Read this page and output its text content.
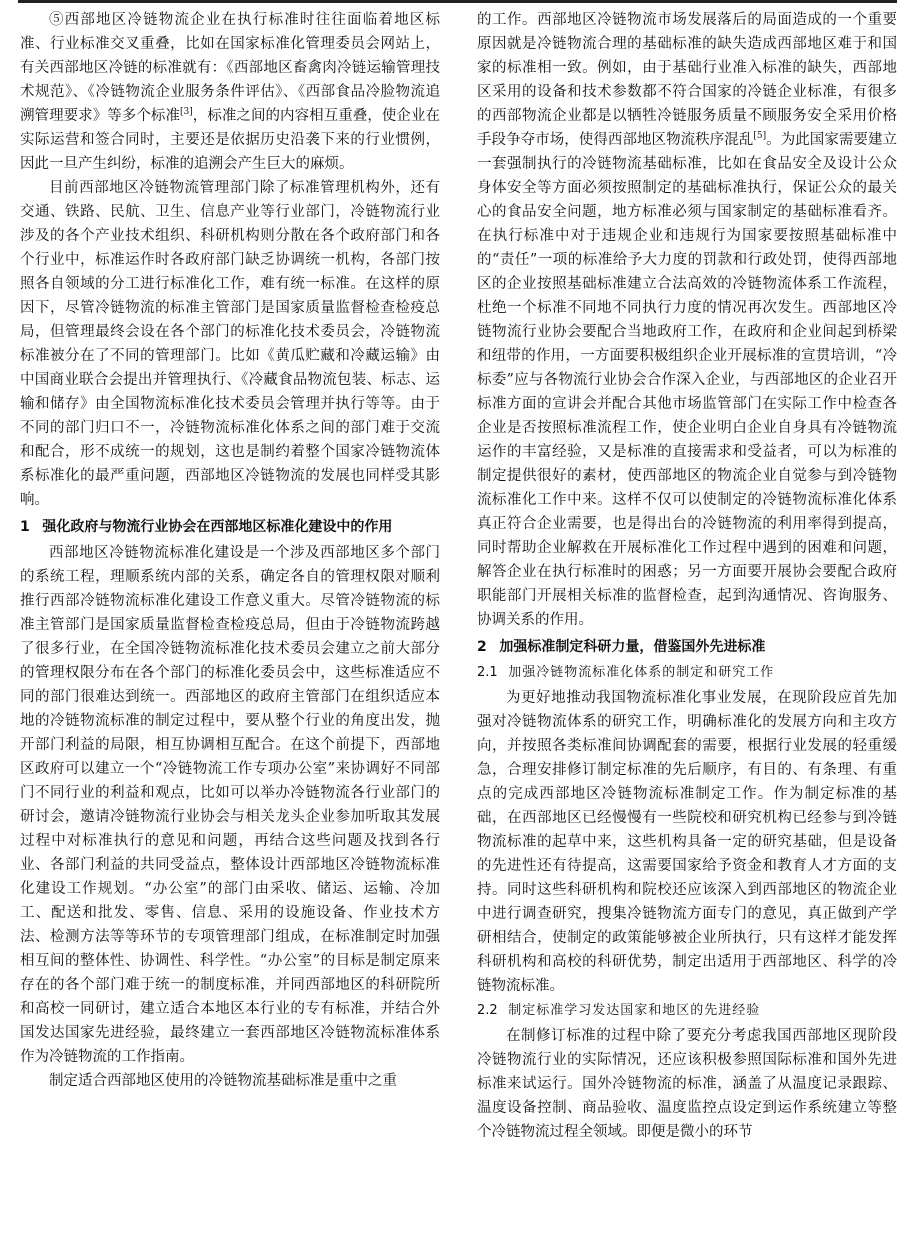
⑤西部地区冷链物流企业在执行标准时往往面临着地区标准、行业标准交叉重叠，比如在国家标准化管理委员会网站上，有关西部地区冷链的标准就有：《西部地区畜禽肉冷链运输管理技术规范》、《冷链物流企业服务条件评估》、《西部食品冷脸物流追溯管理要求》等多个标准[3]，标准之间的内容相互重叠，使企业在实际运营和签合同时，主要还是依据历史沿袭下来的行业惯例，因此一旦产生纠纷，标准的追溯会产生巨大的麻烦。

目前西部地区冷链物流管理部门除了标准管理机构外，还有交通、铁路、民航、卫生、信息产业等行业部门，冷链物流行业涉及的各个产业技术组织、科研机构则分散在各个政府部门和各个行业中，标准运作时各政府部门缺乏协调统一机构，各部门按照各自领域的分工进行标准化工作，难有统一标准。在这样的原因下，尽管冷链物流的标准主管部门是国家质量监督检查检疫总局，但管理最终会设在各个部门的标准化技术委员会，冷链物流标准被分在了不同的管理部门。比如《黄瓜贮藏和冷藏运输》由中国商业联合会提出并管理执行、《冷藏食品物流包装、标志、运输和储存》由全国物流标准化技术委员会管理并执行等等。由于不同的部门归口不一，冷链物流标准化体系之间的部门难于交流和配合，形不成统一的规划，这也是制约着整个国家冷链物流体系标准化的最严重问题，西部地区冷链物流的发展也同样受其影响。

1 强化政府与物流行业协会在西部地区标准化建设中的作用

西部地区冷链物流标准化建设是一个涉及西部地区多个部门的系统工程，理顺系统内部的关系，确定各自的管理权限对顺利推行西部冷链物流标准化建设工作意义重大。尽管冷链物流的标准主管部门是国家质量监督检查检疫总局，但由于冷链物流跨越了很多行业，在全国冷链物流标准化技术委员会建立之前大部分的管理权限分布在各个部门的标准化委员会中，这些标准适应不同的部门很难达到统一。西部地区的政府主管部门在组织适应本地的冷链物流标准的制定过程中，要从整个行业的角度出发，抛开部门利益的局限，相互协调相互配合。在这个前提下，西部地区政府可以建立一个“冷链物流工作专项办公室”来协调好不同部门不同行业的利益和观点，比如可以举办冷链物流各行业部门的研讨会，邀请冷链物流行业协会与相关龙头企业参加听取其发展过程中对标准执行的意见和问题，再结合这些问题及找到各行业、各部门利益的共同受益点，整体设计西部地区冷链物流标准化建设工作规划。“办公室”的部门由采收、储运、运输、冷加工、配送和批发、零售、信息、采用的设施设备、作业技术方法、检测方法等等环节的专项管理部门组成，在标准制定时加强相互间的整体性、协调性、科学性。“办公室”的目标是制定原来存在的各个部门难于统一的制度标准，并同西部地区的科研院所和高校一同研讨，建立适合本地区本行业的专有标准，并结合外国发达国家先进经验，最终建立一套西部地区冷链物流标准体系作为冷链物流的工作指南。

制定适合西部地区使用的冷链物流基础标准是重中之重

的工作。西部地区冷链物流市场发展落后的局面造成的一个重要原因就是冷链物流合理的基础标准的缺失造成西部地区难于和国家的标准相一致。例如，由于基础行业准入标准的缺失，西部地区采用的设备和技术参数都不符合国家的冷链企业标准，有很多的西部物流企业都是以牺牲冷链服务质量不顾服务安全采用价格手段争夺市场，使得西部地区物流秩序混乱[5]。为此国家需要建立一套强制执行的冷链物流基础标准，比如在食品安全及设计公众身体安全等方面必须按照制定的基础标准执行，保证公众的最关心的食品安全问题，地方标准必须与国家制定的基础标准看齐。在执行标准中对于违规企业和违规行为国家要按照基础标准中的“责任”一项的标准给予大力度的罚款和行政处罚，使得西部地区的企业按照基础标准建立合法高效的冷链物流体系工作流程，杜绝一个标准不同地不同执行力度的情况再次发生。西部地区冷链物流行业协会要配合当地政府工作，在政府和企业间起到桥梁和纽带的作用，一方面要积极组织企业开展标准的宣贯培训，“冷标委”应与各物流行业协会合作深入企业，与西部地区的企业召开标准方面的宣讲会并配合其他市场监管部门在实际工作中检查各企业是否按照标准流程工作，使企业明白企业自身具有冷链物流运作的丰富经验，又是标准的直接需求和受益者，可以为标准的制定提供很好的素材，使西部地区的物流企业自觉参与到冷链物流标准化工作中来。这样不仅可以使制定的冷链物流标准化体系真正符合企业需要，也是得出台的冷链物流的利用率得到提高，同时帮助企业解救在开展标准化工作过程中遇到的困难和问题，解答企业在执行标准时的困惑；另一方面要开展协会要配合政府职能部门开展相关标准的监督检查，起到沟通情况、咨询服务、协调关系的作用。

2 加强标准制定科研力量，借鉴国外先进标准
2.1 加强冷链物流标准化体系的制定和研究工作

为更好地推动我国物流标准化事业发展，在现阶段应首先加强对冷链物流体系的研究工作，明确标准化的发展方向和主攻方向，并按照各类标准间协调配套的需要，根据行业发展的轻重缓急，合理安排修订制定标准的先后顺序，有目的、有条理、有重点的完成西部地区冷链物流标准制定工作。作为制定标准的基础，在西部地区已经慢慢有一些院校和研究机构已经参与到冷链物流标准的起草中来，这些机构具备一定的研究基础，但是设备的先进性还有待提高，这需要国家给予资金和教育人才方面的支持。同时这些科研机构和院校还应该深入到西部地区的物流企业中进行调查研究，搜集冷链物流方面专门的意见，真正做到产学研相结合，使制定的政策能够被企业所执行，只有这样才能发挥科研机构和高校的科研优势，制定出适用于西部地区、科学的冷链物流标准。

2.2 制定标准学习发达国家和地区的先进经验

在制修订标准的过程中除了要充分考虑我国西部地区现阶段冷链物流行业的实际情况，还应该积极参照国际标准和国外先进标准来试运行。国外冷链物流的标准，涵盖了从温度记录跟踪、温度设备控制、商品验收、温度监控点设定到运作系统建立等整个冷链物流过程全领域。即便是微小的环节
